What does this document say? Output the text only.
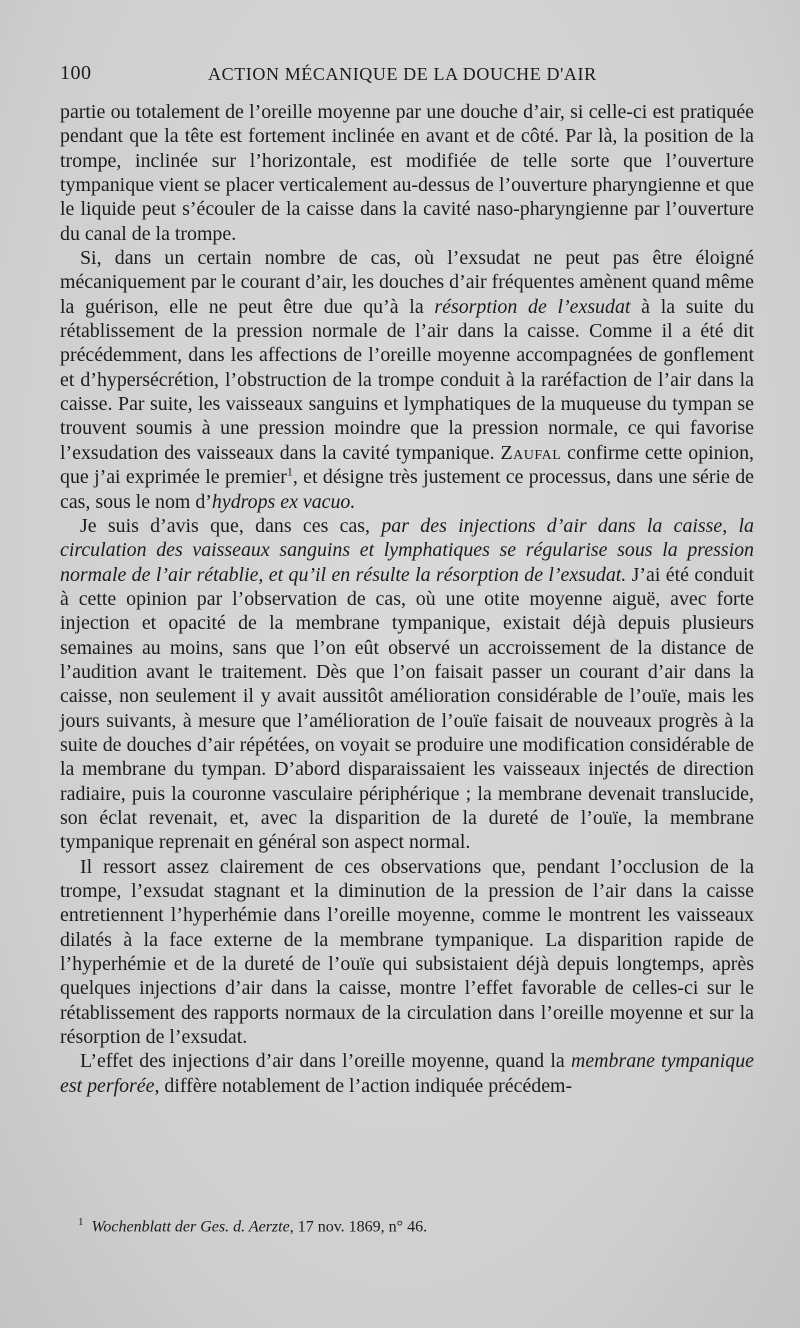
100	ACTION MÉCANIQUE DE LA DOUCHE D'AIR

partie ou totalement de l’oreille moyenne par une douche d’air, si celle-ci est pratiquée pendant que la tête est fortement inclinée en avant et de côté. Par là, la position de la trompe, inclinée sur l’horizontale, est modifiée de telle sorte que l’ouverture tympanique vient se placer verticalement au-dessus de l’ouverture pharyngienne et que le liquide peut s’écouler de la caisse dans la cavité naso-pharyngienne par l’ouverture du canal de la trompe.

Si, dans un certain nombre de cas, où l’exsudat ne peut pas être éloigné mécaniquement par le courant d’air, les douches d’air fréquentes amènent quand même la guérison, elle ne peut être due qu’à la résorption de l’exsudat à la suite du rétablissement de la pression normale de l’air dans la caisse. Comme il a été dit précédemment, dans les affections de l’oreille moyenne accompagnées de gonflement et d’hypersécrétion, l’obstruction de la trompe conduit à la raréfaction de l’air dans la caisse. Par suite, les vaisseaux sanguins et lymphatiques de la muqueuse du tympan se trouvent soumis à une pression moindre que la pression normale, ce qui favorise l’exsudation des vaisseaux dans la cavité tympanique. Zaufal confirme cette opinion, que j’ai exprimée le premier$^1$, et désigne très justement ce processus, dans une série de cas, sous le nom d’hydrops ex vacuo.

Je suis d’avis que, dans ces cas, par des injections d’air dans la caisse, la circulation des vaisseaux sanguins et lymphatiques se régularise sous la pression normale de l’air rétablie, et qu’il en résulte la résorption de l’exsudat. J’ai été conduit à cette opinion par l’observation de cas, où une otite moyenne aiguë, avec forte injection et opacité de la membrane tympanique, existait déjà depuis plusieurs semaines au moins, sans que l’on eût observé un accroissement de la distance de l’audition avant le traitement. Dès que l’on faisait passer un courant d’air dans la caisse, non seulement il y avait aussitôt amélioration considérable de l’ouïe, mais les jours suivants, à mesure que l’amélioration de l’ouïe faisait de nouveaux progrès à la suite de douches d’air répétées, on voyait se produire une modification considérable de la membrane du tympan. D’abord disparaissaient les vaisseaux injectés de direction radiaire, puis la couronne vasculaire périphérique ; la membrane devenait translucide, son éclat revenait, et, avec la disparition de la dureté de l’ouïe, la membrane tympanique reprenait en général son aspect normal.

Il ressort assez clairement de ces observations que, pendant l’occlusion de la trompe, l’exsudat stagnant et la diminution de la pression de l’air dans la caisse entretiennent l’hyperhémie dans l’oreille moyenne, comme le montrent les vaisseaux dilatés à la face externe de la membrane tympanique. La disparition rapide de l’hyperhémie et de la dureté de l’ouïe qui subsistaient déjà depuis longtemps, après quelques injections d’air dans la caisse, montre l’effet favorable de celles-ci sur le rétablissement des rapports normaux de la circulation dans l’oreille moyenne et sur la résorption de l’exsudat.

L’effet des injections d’air dans l’oreille moyenne, quand la membrane tympanique est perforée, diffère notablement de l’action indiquée précédem-

$^1$ Wochenblatt der Ges. d. Aerzte, 17 nov. 1869, n° 46.
